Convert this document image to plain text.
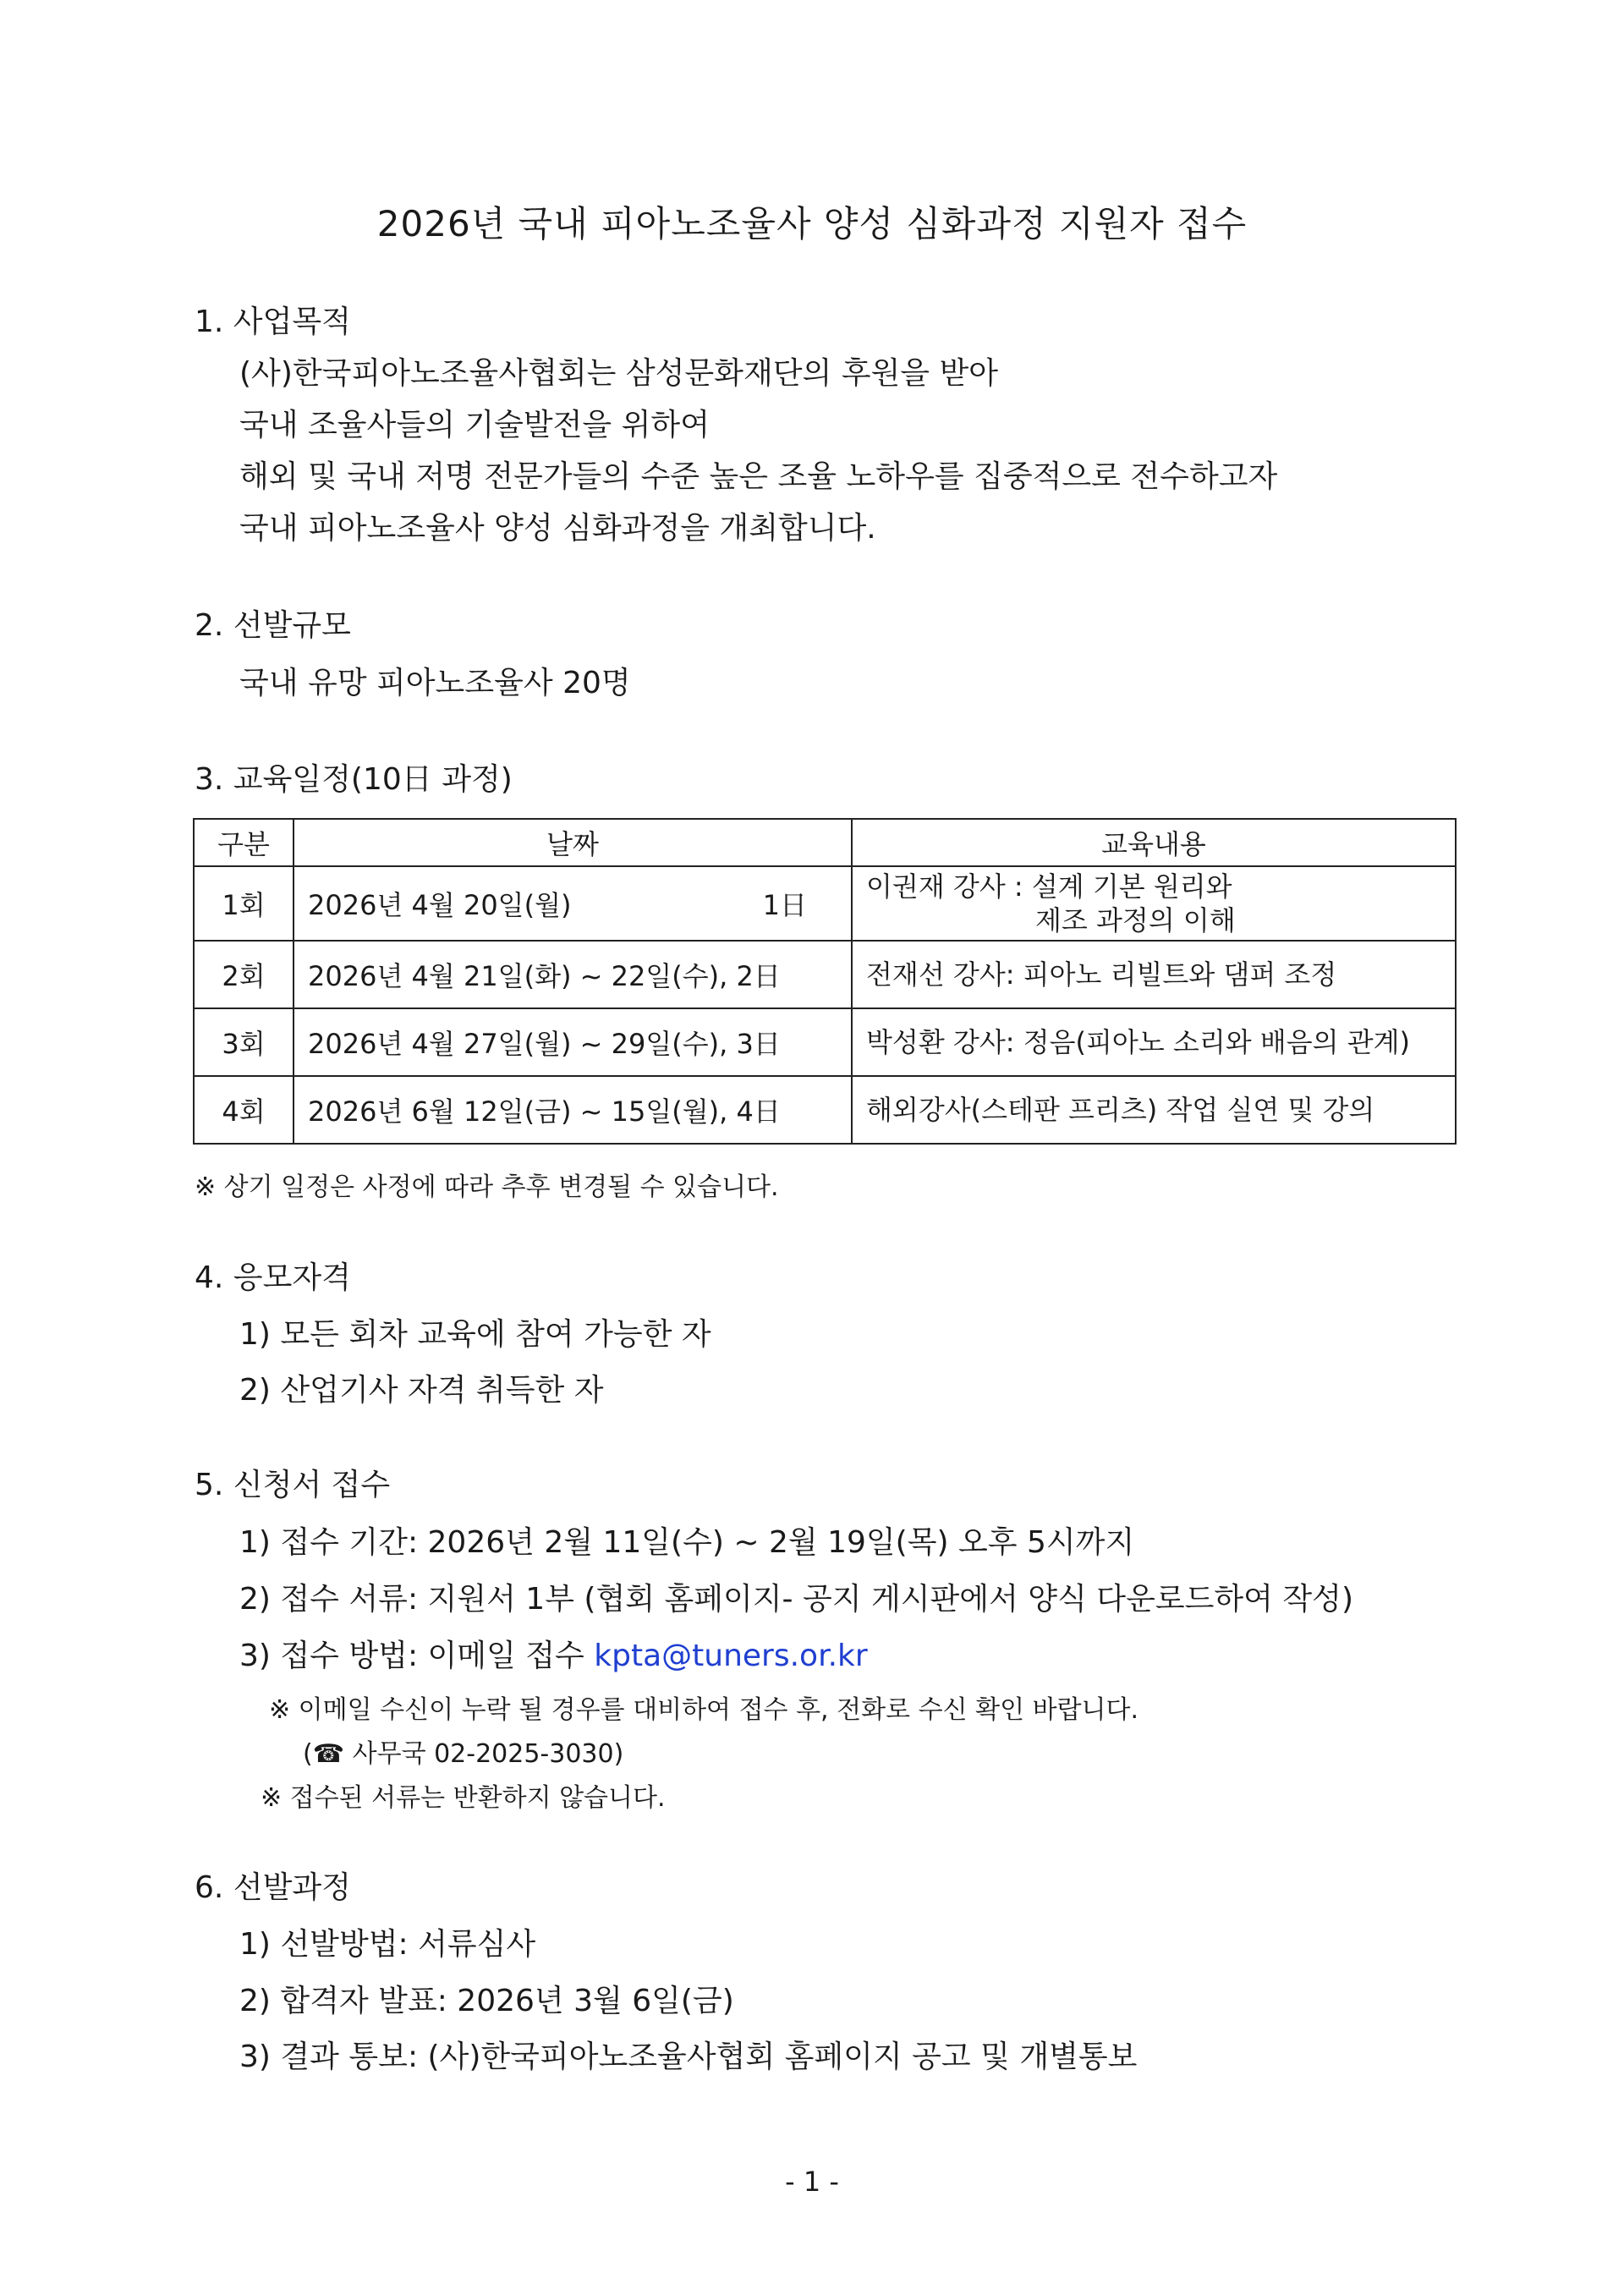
2026년 국내 피아노조율사 양성 심화과정 지원자 접수
1. 사업목적
(사)한국피아노조율사협회는 삼성문화재단의 후원을 받아
국내 조율사들의 기술발전을 위하여
해외 및 국내 저명 전문가들의 수준 높은 조율 노하우를 집중적으로 전수하고자
국내 피아노조율사 양성 심화과정을 개최합니다.
2. 선발규모
국내 유망 피아노조율사 20명
3. 교육일정(10日 과정)
구분	날짜	교육내용
1회	2026년 4월 20일(월) 1日	이권재 강사 : 설계 기본 원리와
제조 과정의 이해

2회	2026년 4월 21일(화) ~ 22일(수), 2日	전재선 강사: 피아노 리빌트와 댐퍼 조정
3회	2026년 4월 27일(월) ~ 29일(수), 3日	박성환 강사: 정음(피아노 소리와 배음의 관계)
4회	2026년 6월 12일(금) ~ 15일(월), 4日	해외강사(스테판 프리츠) 작업 실연 및 강의
※ 상기 일정은 사정에 따라 추후 변경될 수 있습니다.
4. 응모자격
1) 모든 회차 교육에 참여 가능한 자
2) 산업기사 자격 취득한 자
5. 신청서 접수
1) 접수 기간: 2026년 2월 11일(수) ~ 2월 19일(목) 오후 5시까지
2) 접수 서류: 지원서 1부 (협회 홈페이지- 공지 게시판에서 양식 다운로드하여 작성)
3) 접수 방법: 이메일 접수 kpta@tuners.or.kr
※ 이메일 수신이 누락 될 경우를 대비하여 접수 후, 전화로 수신 확인 바랍니다.
(☎ 사무국 02-2025-3030)
※ 접수된 서류는 반환하지 않습니다.
6. 선발과정
1) 선발방법: 서류심사
2) 합격자 발표: 2026년 3월 6일(금)
3) 결과 통보: (사)한국피아노조율사협회 홈페이지 공고 및 개별통보
- 1 -
